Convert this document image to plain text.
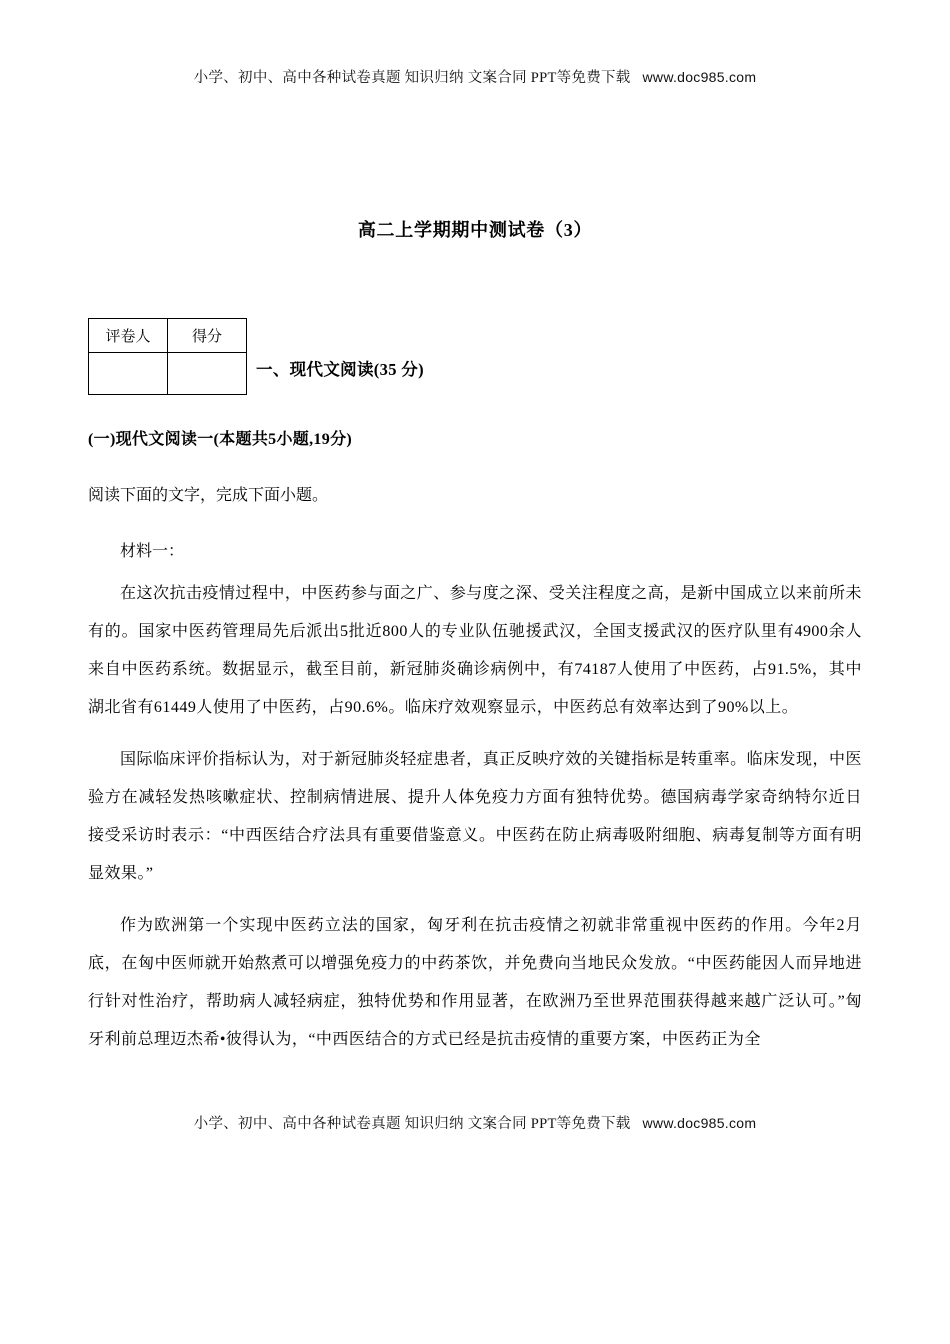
小学、初中、高中各种试卷真题 知识归纳 文案合同 PPT等免费下载 www.doc985.com
高二上学期期中测试卷（3）
评卷人	得分

一、现代文阅读(35 分)
(一)现代文阅读一(本题共5小题,19分)
阅读下面的文字，完成下面小题。
材料一：

在这次抗击疫情过程中，中医药参与面之广、参与度之深、受关注程度之高，是新中国成立以来前所未有的。国家中医药管理局先后派出5批近800人的专业队伍驰援武汉，全国支援武汉的医疗队里有4900余人来自中医药系统。数据显示，截至目前，新冠肺炎确诊病例中，有74187人使用了中医药，占91.5%，其中湖北省有61449人使用了中医药，占90.6%。临床疗效观察显示，中医药总有效率达到了90%以上。

国际临床评价指标认为，对于新冠肺炎轻症患者，真正反映疗效的关键指标是转重率。临床发现，中医验方在减轻发热咳嗽症状、控制病情进展、提升人体免疫力方面有独特优势。德国病毒学家奇纳特尔近日接受采访时表示：“中西医结合疗法具有重要借鉴意义。中医药在防止病毒吸附细胞、病毒复制等方面有明显效果。”

作为欧洲第一个实现中医药立法的国家，匈牙利在抗击疫情之初就非常重视中医药的作用。今年2月底，在匈中医师就开始熬煮可以增强免疫力的中药茶饮，并免费向当地民众发放。“中医药能因人而异地进行针对性治疗，帮助病人减轻病症，独特优势和作用显著，在欧洲乃至世界范围获得越来越广泛认可。”匈牙利前总理迈杰希•彼得认为，“中西医结合的方式已经是抗击疫情的重要方案，中医药正为全

小学、初中、高中各种试卷真题 知识归纳 文案合同 PPT等免费下载 www.doc985.com
